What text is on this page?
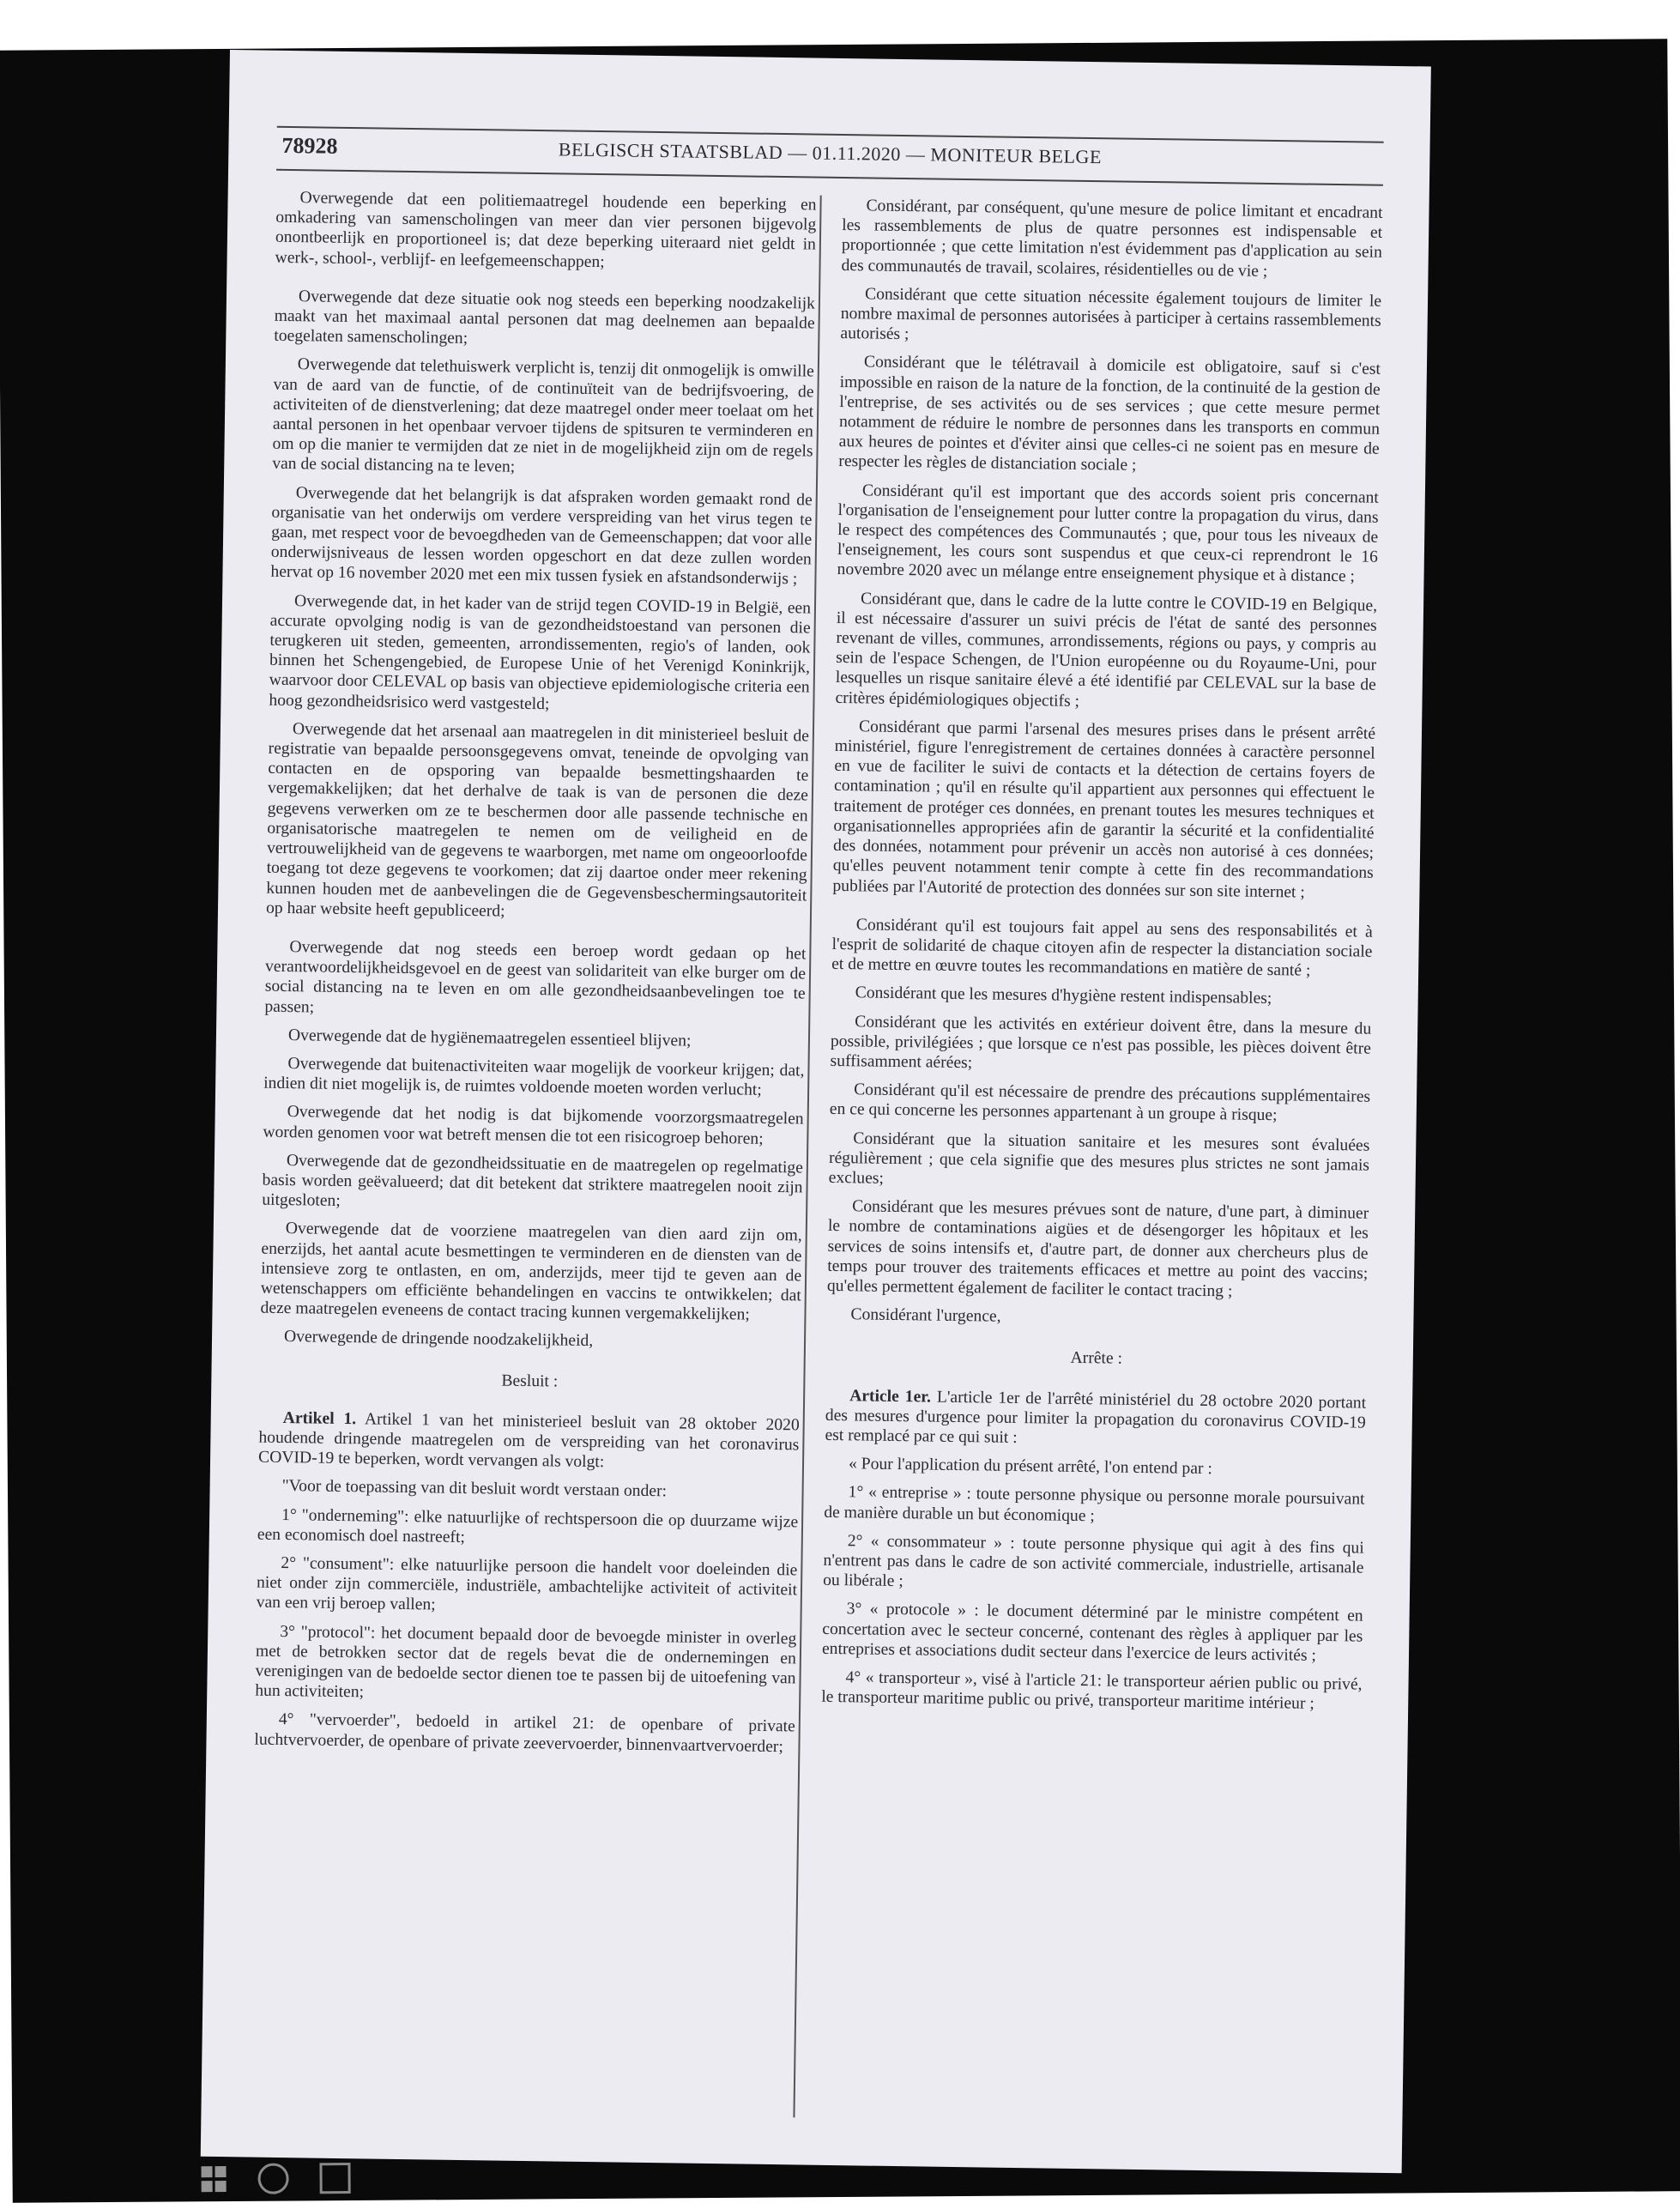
78928	BELGISCH STAATSBLAD — 01.11.2020 — MONITEUR BELGE

Overwegende dat een politiemaatregel houdende een beperking en omkadering van samenscholingen van meer dan vier personen bijgevolg onontbeerlijk en proportioneel is; dat deze beperking uiteraard niet geldt in werk-, school-, verblijf- en leefgemeenschappen;

Overwegende dat deze situatie ook nog steeds een beperking noodzakelijk maakt van het maximaal aantal personen dat mag deelnemen aan bepaalde toegelaten samenscholingen;

Overwegende dat telethuiswerk verplicht is, tenzij dit onmogelijk is omwille van de aard van de functie, of de continuïteit van de bedrijfsvoering, de activiteiten of de dienstverlening; dat deze maatregel onder meer toelaat om het aantal personen in het openbaar vervoer tijdens de spitsuren te verminderen en om op die manier te vermijden dat ze niet in de mogelijkheid zijn om de regels van de social distancing na te leven;

Overwegende dat het belangrijk is dat afspraken worden gemaakt rond de organisatie van het onderwijs om verdere verspreiding van het virus tegen te gaan, met respect voor de bevoegdheden van de Gemeenschappen; dat voor alle onderwijsniveaus de lessen worden opgeschort en dat deze zullen worden hervat op 16 november 2020 met een mix tussen fysiek en afstandsonderwijs ;

Overwegende dat, in het kader van de strijd tegen COVID-19 in België, een accurate opvolging nodig is van de gezondheidstoestand van personen die terugkeren uit steden, gemeenten, arrondissementen, regio's of landen, ook binnen het Schengengebied, de Europese Unie of het Verenigd Koninkrijk, waarvoor door CELEVAL op basis van objectieve epidemiologische criteria een hoog gezondheidsrisico werd vastgesteld;

Overwegende dat het arsenaal aan maatregelen in dit ministerieel besluit de registratie van bepaalde persoonsgegevens omvat, teneinde de opvolging van contacten en de opsporing van bepaalde besmettingshaarden te vergemakkelijken; dat het derhalve de taak is van de personen die deze gegevens verwerken om ze te beschermen door alle passende technische en organisatorische maatregelen te nemen om de veiligheid en de vertrouwelijkheid van de gegevens te waarborgen, met name om ongeoorloofde toegang tot deze gegevens te voorkomen; dat zij daartoe onder meer rekening kunnen houden met de aanbevelingen die de Gegevensbeschermingsautoriteit op haar website heeft gepubliceerd;

Overwegende dat nog steeds een beroep wordt gedaan op het verantwoordelijkheidsgevoel en de geest van solidariteit van elke burger om de social distancing na te leven en om alle gezondheidsaanbevelingen toe te passen;

Overwegende dat de hygiënemaatregelen essentieel blijven;

Overwegende dat buitenactiviteiten waar mogelijk de voorkeur krijgen; dat, indien dit niet mogelijk is, de ruimtes voldoende moeten worden verlucht;

Overwegende dat het nodig is dat bijkomende voorzorgsmaatregelen worden genomen voor wat betreft mensen die tot een risicogroep behoren;

Overwegende dat de gezondheidssituatie en de maatregelen op regelmatige basis worden geëvalueerd; dat dit betekent dat striktere maatregelen nooit zijn uitgesloten;

Overwegende dat de voorziene maatregelen van dien aard zijn om, enerzijds, het aantal acute besmettingen te verminderen en de diensten van de intensieve zorg te ontlasten, en om, anderzijds, meer tijd te geven aan de wetenschappers om efficiënte behandelingen en vaccins te ontwikkelen; dat deze maatregelen eveneens de contact tracing kunnen vergemakkelijken;

Overwegende de dringende noodzakelijkheid,

Besluit :

Artikel 1. Artikel 1 van het ministerieel besluit van 28 oktober 2020 houdende dringende maatregelen om de verspreiding van het coronavirus COVID-19 te beperken, wordt vervangen als volgt:

"Voor de toepassing van dit besluit wordt verstaan onder:

1° "onderneming": elke natuurlijke of rechtspersoon die op duurzame wijze een economisch doel nastreeft;

2° "consument": elke natuurlijke persoon die handelt voor doeleinden die niet onder zijn commerciële, industriële, ambachtelijke activiteit of activiteit van een vrij beroep vallen;

3° "protocol": het document bepaald door de bevoegde minister in overleg met de betrokken sector dat de regels bevat die de ondernemingen en verenigingen van de bedoelde sector dienen toe te passen bij de uitoefening van hun activiteiten;

4° "vervoerder", bedoeld in artikel 21: de openbare of private luchtvervoerder, de openbare of private zeevervoerder, binnenvaartvervoerder;

Considérant, par conséquent, qu'une mesure de police limitant et encadrant les rassemblements de plus de quatre personnes est indispensable et proportionnée ; que cette limitation n'est évidemment pas d'application au sein des communautés de travail, scolaires, résidentielles ou de vie ;

Considérant que cette situation nécessite également toujours de limiter le nombre maximal de personnes autorisées à participer à certains rassemblements autorisés ;

Considérant que le télétravail à domicile est obligatoire, sauf si c'est impossible en raison de la nature de la fonction, de la continuité de la gestion de l'entreprise, de ses activités ou de ses services ; que cette mesure permet notamment de réduire le nombre de personnes dans les transports en commun aux heures de pointes et d'éviter ainsi que celles-ci ne soient pas en mesure de respecter les règles de distanciation sociale ;

Considérant qu'il est important que des accords soient pris concernant l'organisation de l'enseignement pour lutter contre la propagation du virus, dans le respect des compétences des Communautés ; que, pour tous les niveaux de l'enseignement, les cours sont suspendus et que ceux-ci reprendront le 16 novembre 2020 avec un mélange entre enseignement physique et à distance ;

Considérant que, dans le cadre de la lutte contre le COVID-19 en Belgique, il est nécessaire d'assurer un suivi précis de l'état de santé des personnes revenant de villes, communes, arrondissements, régions ou pays, y compris au sein de l'espace Schengen, de l'Union européenne ou du Royaume-Uni, pour lesquelles un risque sanitaire élevé a été identifié par CELEVAL sur la base de critères épidémiologiques objectifs ;

Considérant que parmi l'arsenal des mesures prises dans le présent arrêté ministériel, figure l'enregistrement de certaines données à caractère personnel en vue de faciliter le suivi de contacts et la détection de certains foyers de contamination ; qu'il en résulte qu'il appartient aux personnes qui effectuent le traitement de protéger ces données, en prenant toutes les mesures techniques et organisationnelles appropriées afin de garantir la sécurité et la confidentialité des données, notamment pour prévenir un accès non autorisé à ces données; qu'elles peuvent notamment tenir compte à cette fin des recommandations publiées par l'Autorité de protection des données sur son site internet ;

Considérant qu'il est toujours fait appel au sens des responsabilités et à l'esprit de solidarité de chaque citoyen afin de respecter la distanciation sociale et de mettre en œuvre toutes les recommandations en matière de santé ;

Considérant que les mesures d'hygiène restent indispensables;

Considérant que les activités en extérieur doivent être, dans la mesure du possible, privilégiées ; que lorsque ce n'est pas possible, les pièces doivent être suffisamment aérées;

Considérant qu'il est nécessaire de prendre des précautions supplémentaires en ce qui concerne les personnes appartenant à un groupe à risque;

Considérant que la situation sanitaire et les mesures sont évaluées régulièrement ; que cela signifie que des mesures plus strictes ne sont jamais exclues;

Considérant que les mesures prévues sont de nature, d'une part, à diminuer le nombre de contaminations aigües et de désengorger les hôpitaux et les services de soins intensifs et, d'autre part, de donner aux chercheurs plus de temps pour trouver des traitements efficaces et mettre au point des vaccins; qu'elles permettent également de faciliter le contact tracing ;

Considérant l'urgence,

Arrête :

Article 1er. L'article 1er de l'arrêté ministériel du 28 octobre 2020 portant des mesures d'urgence pour limiter la propagation du coronavirus COVID-19 est remplacé par ce qui suit :

« Pour l'application du présent arrêté, l'on entend par :

1° « entreprise » : toute personne physique ou personne morale poursuivant de manière durable un but économique ;

2° « consommateur » : toute personne physique qui agit à des fins qui n'entrent pas dans le cadre de son activité commerciale, industrielle, artisanale ou libérale ;

3° « protocole » : le document déterminé par le ministre compétent en concertation avec le secteur concerné, contenant des règles à appliquer par les entreprises et associations dudit secteur dans l'exercice de leurs activités ;

4° « transporteur », visé à l'article 21: le transporteur aérien public ou privé, le transporteur maritime public ou privé, transporteur maritime intérieur ;
